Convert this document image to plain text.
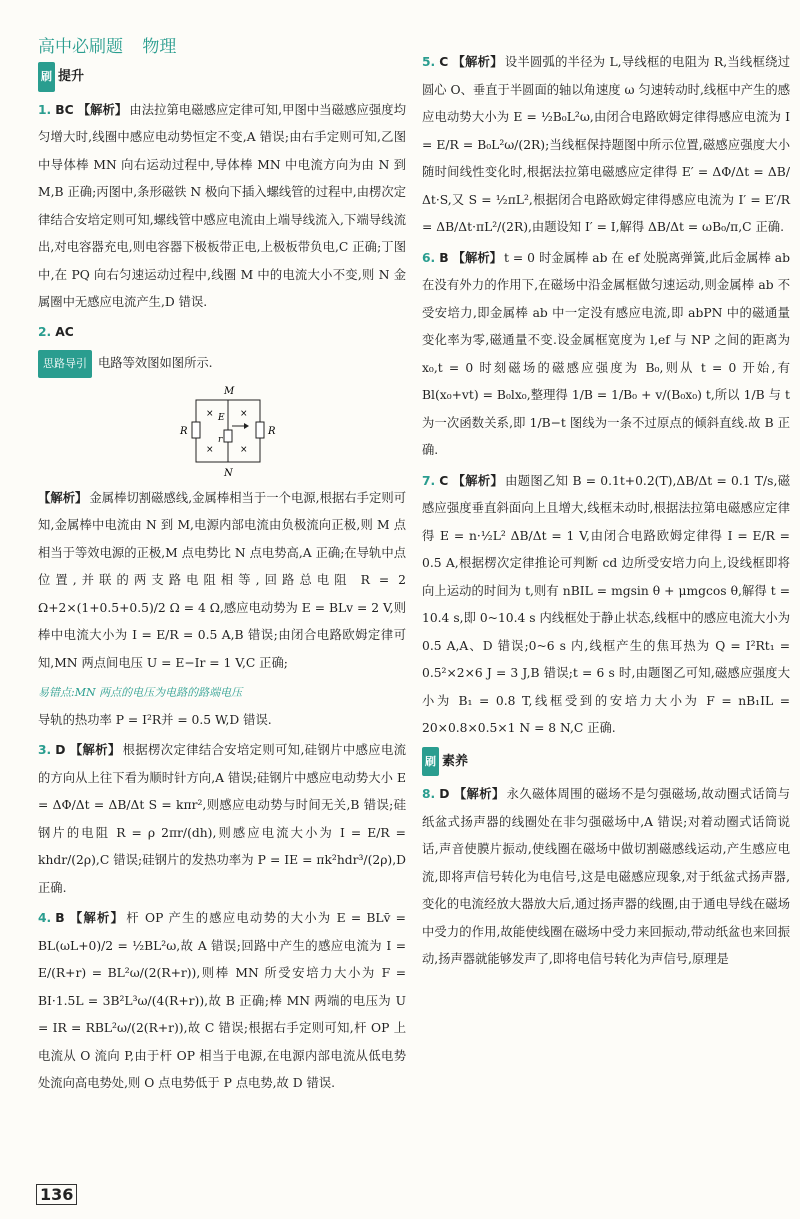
高中必刷题 物理
刷 提升

1. BC 【解析】 由法拉第电磁感应定律可知,甲图中当磁感应强度均匀增大时,线圈中感应电动势恒定不变,A 错误;由右手定则可知,乙图中导体棒 MN 向右运动过程中,导体棒 MN 中电流方向为由 N 到 M,B 正确;丙图中,条形磁铁 N 极向下插入螺线管的过程中,由楞次定律结合安培定则可知,螺线管中感应电流由上端导线流入,下端导线流出,对电容器充电,则电容器下极板带正电,上极板带负电,C 正确;丁图中,在 PQ 向右匀速运动过程中,线圈 M 中的电流大小不变,则 N 金属圈中无感应电流产生,D 错误.

2. AC

思路导引 电路等效图如图所示.
M
N
R	R
E
r
×
×
×
×

【解析】 金属棒切割磁感线,金属棒相当于一个电源,根据右手定则可知,金属棒中电流由 N 到 M,电源内部电流由负极流向正极,则 M 点相当于等效电源的正极,M 点电势比 N 点电势高,A 正确;在导轨中点位置,并联的两支路电阻相等,回路总电阻 R = 2 Ω+2×(1+0.5+0.5)/2 Ω = 4 Ω,感应电动势为 E = BLv = 2 V,则棒中电流大小为 I = E/R = 0.5 A,B 错误;由闭合电路欧姆定律可知,MN 两点间电压 U = E−Ir = 1 V,C 正确;

易错点:MN 两点的电压为电路的路端电压

导轨的热功率 P = I²R并 = 0.5 W,D 错误.

3. D 【解析】 根据楞次定律结合安培定则可知,硅钢片中感应电流的方向从上往下看为顺时针方向,A 错误;硅钢片中感应电动势大小 E = ΔΦ/Δt = ΔB/Δt S = kπr²,则感应电动势与时间无关,B 错误;硅钢片的电阻 R = ρ 2πr/(dh),则感应电流大小为 I = E/R = khdr/(2ρ),C 错误;硅钢片的发热功率为 P = IE = πk²hdr³/(2ρ),D 正确.

4. B 【解析】 杆 OP 产生的感应电动势的大小为 E = BLv̄ = BL(ωL+0)/2 = ½BL²ω,故 A 错误;回路中产生的感应电流为 I = E/(R+r) = BL²ω/(2(R+r)),则棒 MN 所受安培力大小为 F = BI·1.5L = 3B²L³ω/(4(R+r)),故 B 正确;棒 MN 两端的电压为 U = IR = RBL²ω/(2(R+r)),故 C 错误;根据右手定则可知,杆 OP 上电流从 O 流向 P,由于杆 OP 相当于电源,在电源内部电流从低电势处流向高电势处,则 O 点电势低于 P 点电势,故 D 错误.

5. C 【解析】 设半圆弧的半径为 L,导线框的电阻为 R,当线框绕过圆心 O、垂直于半圆面的轴以角速度 ω 匀速转动时,线框中产生的感应电动势大小为 E = ½B₀L²ω,由闭合电路欧姆定律得感应电流为 I = E/R = B₀L²ω/(2R);当线框保持题图中所示位置,磁感应强度大小随时间线性变化时,根据法拉第电磁感应定律得 E′ = ΔΦ/Δt = ΔB/Δt·S,又 S = ½πL²,根据闭合电路欧姆定律得感应电流为 I′ = E′/R = ΔB/Δt·πL²/(2R),由题设知 I′ = I,解得 ΔB/Δt = ωB₀/π,C 正确.

6. B 【解析】 t = 0 时金属棒 ab 在 ef 处脱离弹簧,此后金属棒 ab 在没有外力的作用下,在磁场中沿金属框做匀速运动,则金属棒 ab 不受安培力,即金属棒 ab 中一定没有感应电流,即 abPN 中的磁通量变化率为零,磁通量不变.设金属框宽度为 l,ef 与 NP 之间的距离为 x₀,t = 0 时刻磁场的磁感应强度为 B₀,则从 t = 0 开始,有 Bl(x₀+vt) = B₀lx₀,整理得 1/B = 1/B₀ + v/(B₀x₀) t,所以 1/B 与 t 为一次函数关系,即 1/B−t 图线为一条不过原点的倾斜直线.故 B 正确.

7. C 【解析】 由题图乙知 B = 0.1t+0.2(T),ΔB/Δt = 0.1 T/s,磁感应强度垂直斜面向上且增大,线框未动时,根据法拉第电磁感应定律得 E = n·½L² ΔB/Δt = 1 V,由闭合电路欧姆定律得 I = E/R = 0.5 A,根据楞次定律推论可判断 cd 边所受安培力向上,设线框即将向上运动的时间为 t,则有 nBIL = mgsin θ + μmgcos θ,解得 t = 10.4 s,即 0~10.4 s 内线框处于静止状态,线框中的感应电流大小为 0.5 A,A、D 错误;0~6 s 内,线框产生的焦耳热为 Q = I²Rt₁ = 0.5²×2×6 J = 3 J,B 错误;t = 6 s 时,由题图乙可知,磁感应强度大小为 B₁ = 0.8 T,线框受到的安培力大小为 F = nB₁IL = 20×0.8×0.5×1 N = 8 N,C 正确.

刷 素养

8. D 【解析】 永久磁体周围的磁场不是匀强磁场,故动圈式话筒与纸盆式扬声器的线圈处在非匀强磁场中,A 错误;对着动圈式话筒说话,声音使膜片振动,使线圈在磁场中做切割磁感线运动,产生感应电流,即将声信号转化为电信号,这是电磁感应现象,对于纸盆式扬声器,变化的电流经放大器放大后,通过扬声器的线圈,由于通电导线在磁场中受力的作用,故能使线圈在磁场中受力来回振动,带动纸盆也来回振动,扬声器就能够发声了,即将电信号转化为声信号,原理是

136
